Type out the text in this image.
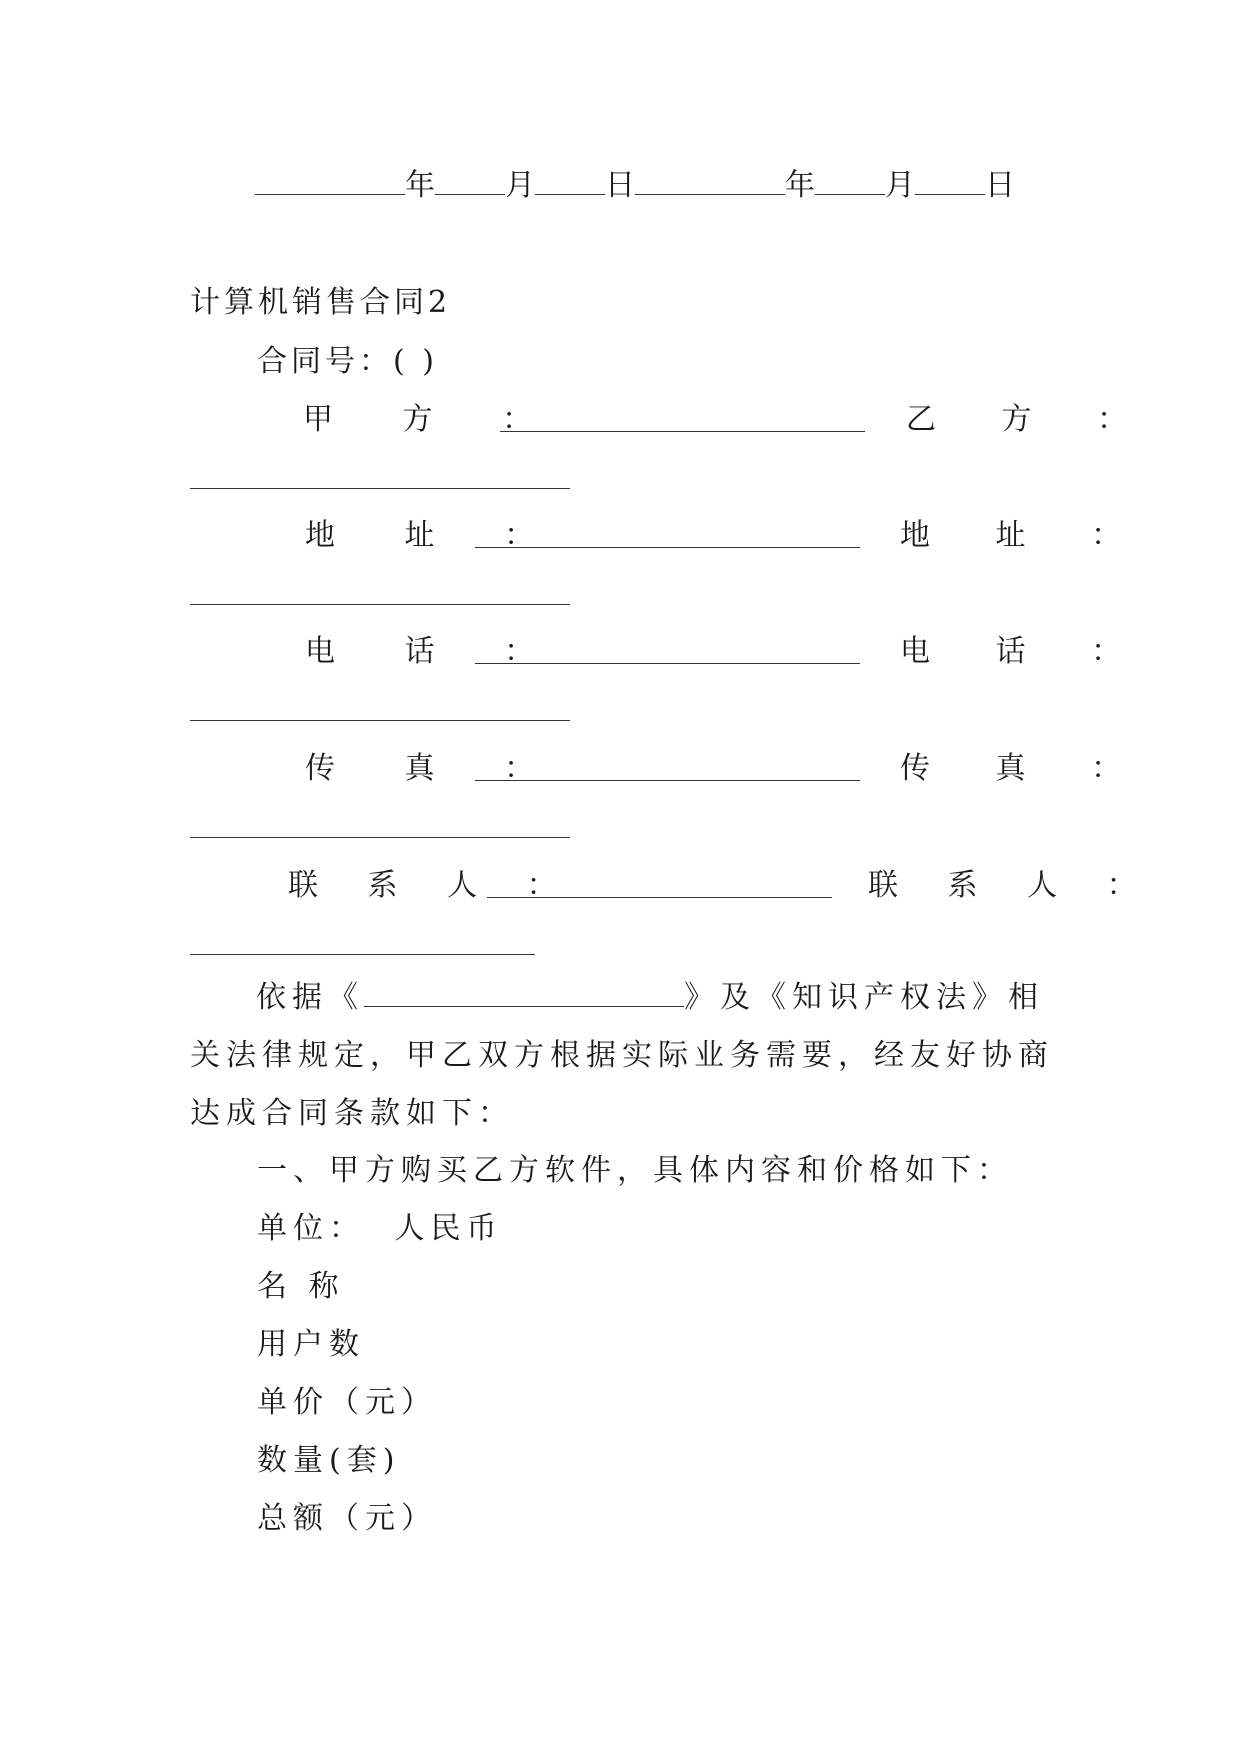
年 月 日	年 月 日
计算机销售合同2
合同号：( )
甲 方 ：	乙 方 ：
地 址 ：	地 址 ：
电 话 ：	电 话 ：
传 真 ：	传 真 ：
联 系 人 ：	联 系 人 ：
依据《	》及《知识产权法》相关法律规定，甲乙双方根据实际业务需要，经友好协商达成合同条款如下：
一、甲方购买乙方软件，具体内容和价格如下：
单位： 人民币
名 称
用户数
单价（元）
数量(套)
总额（元）
